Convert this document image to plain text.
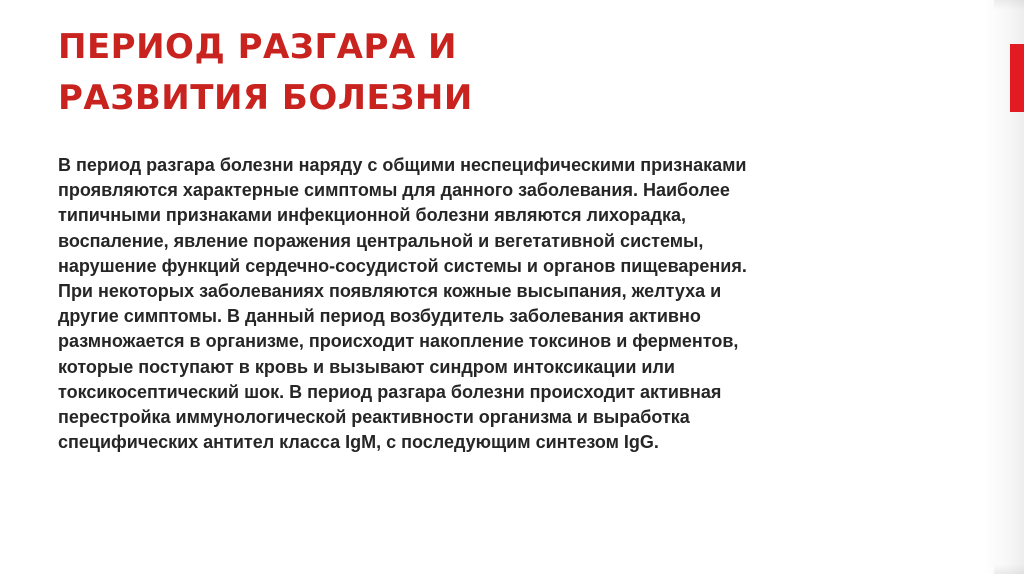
ПЕРИОД РАЗГАРА И
РАЗВИТИЯ БОЛЕЗНИ
В период разгара болезни наряду с общими неспецифическими признаками
проявляются характерные симптомы для данного заболевания. Наиболее
типичными признаками инфекционной болезни являются лихорадка,
воспаление, явление поражения центральной и вегетативной системы,
нарушение функций сердечно-сосудистой системы и органов пищеварения.
При некоторых заболеваниях появляются кожные высыпания, желтуха и
другие симптомы. В данный период возбудитель заболевания активно
размножается в организме, происходит накопление токсинов и ферментов,
которые поступают в кровь и вызывают синдром интоксикации или
токсикосептический шок. В период разгара болезни происходит активная
перестройка иммунологической реактивности организма и выработка
специфических антител класса IgM, с последующим синтезом IgG.
